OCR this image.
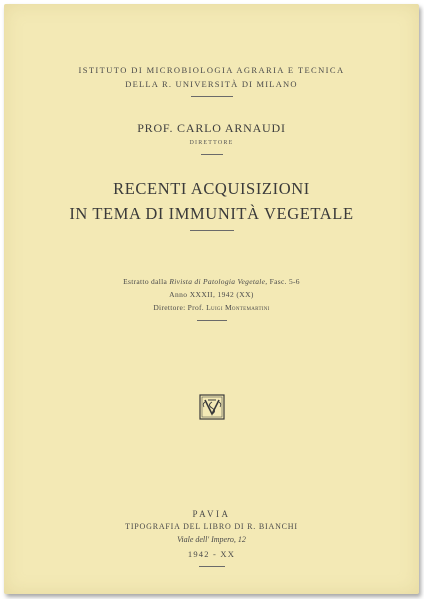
ISTITUTO DI MICROBIOLOGIA AGRARIA E TECNICA
DELLA R. UNIVERSITÀ DI MILANO
PROF. CARLO ARNAUDI
DIRETTORE
RECENTI ACQUISIZIONI
IN TEMA DI IMMUNITÀ VEGETALE
Estratto dalla Rivista di Patologia Vegetale, Fasc. 5-6
Anno XXXII, 1942 (XX)
Direttore: Prof. Luigi Montemartini
PAVIA
TIPOGRAFIA DEL LIBRO DI R. BIANCHI
Viale dell' Impero, 12
1942 - XX
